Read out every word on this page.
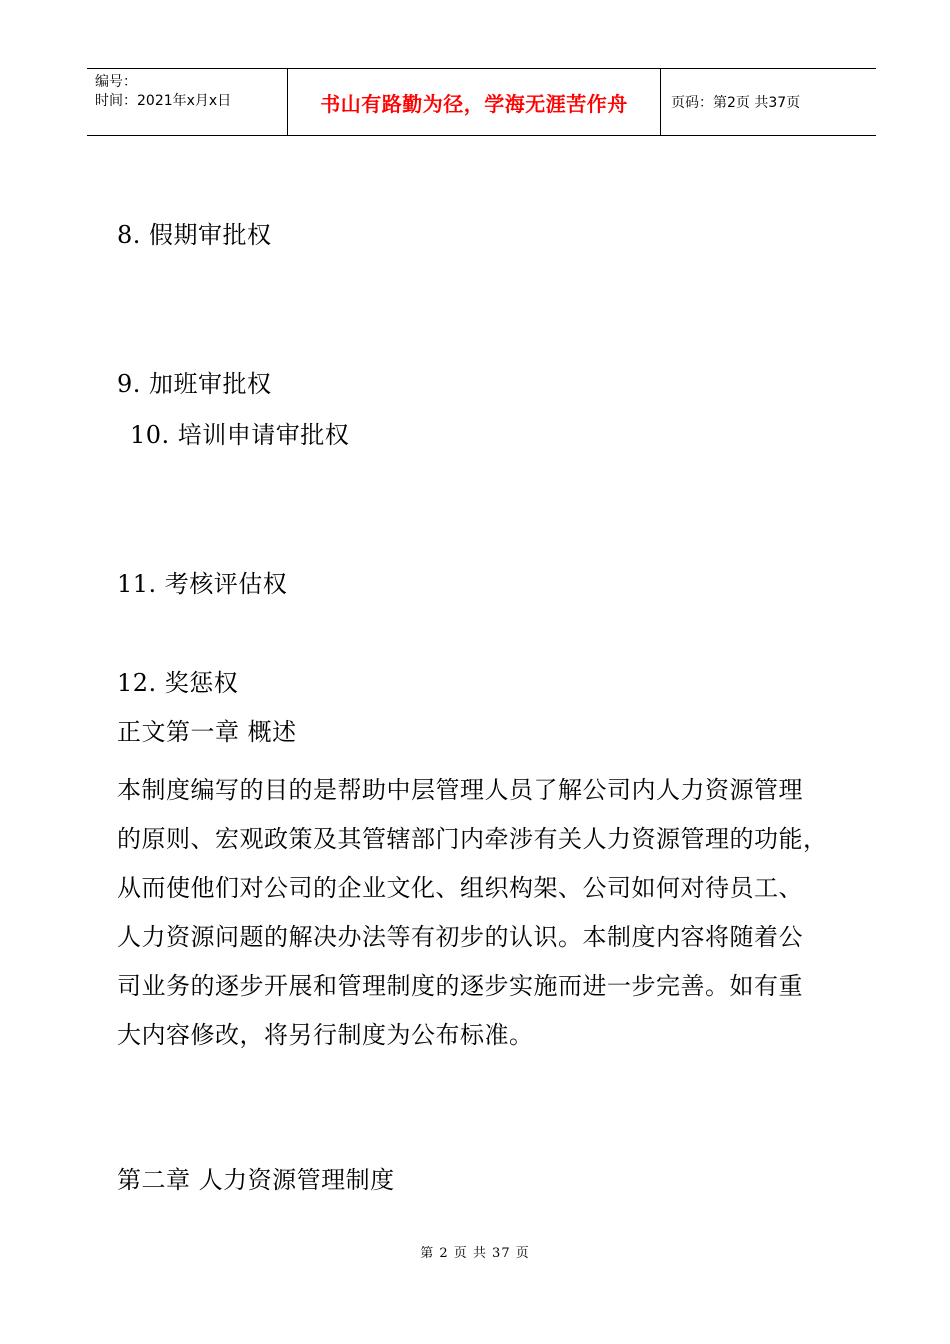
编号：
时间：2021年x月x日	书山有路勤为径，学海无涯苦作舟	页码：第2页 共37页
8. 假期审批权
9. 加班审批权
10. 培训申请审批权
11. 考核评估权
12. 奖惩权
正文第一章 概述
本制度编写的目的是帮助中层管理人员了解公司内人力资源管理
的原则、宏观政策及其管辖部门内牵涉有关人力资源管理的功能，
从而使他们对公司的企业文化、组织构架、公司如何对待员工、
人力资源问题的解决办法等有初步的认识。本制度内容将随着公
司业务的逐步开展和管理制度的逐步实施而进一步完善。如有重
大内容修改，将另行制度为公布标准。
第二章 人力资源管理制度
第 2 页 共 37 页
